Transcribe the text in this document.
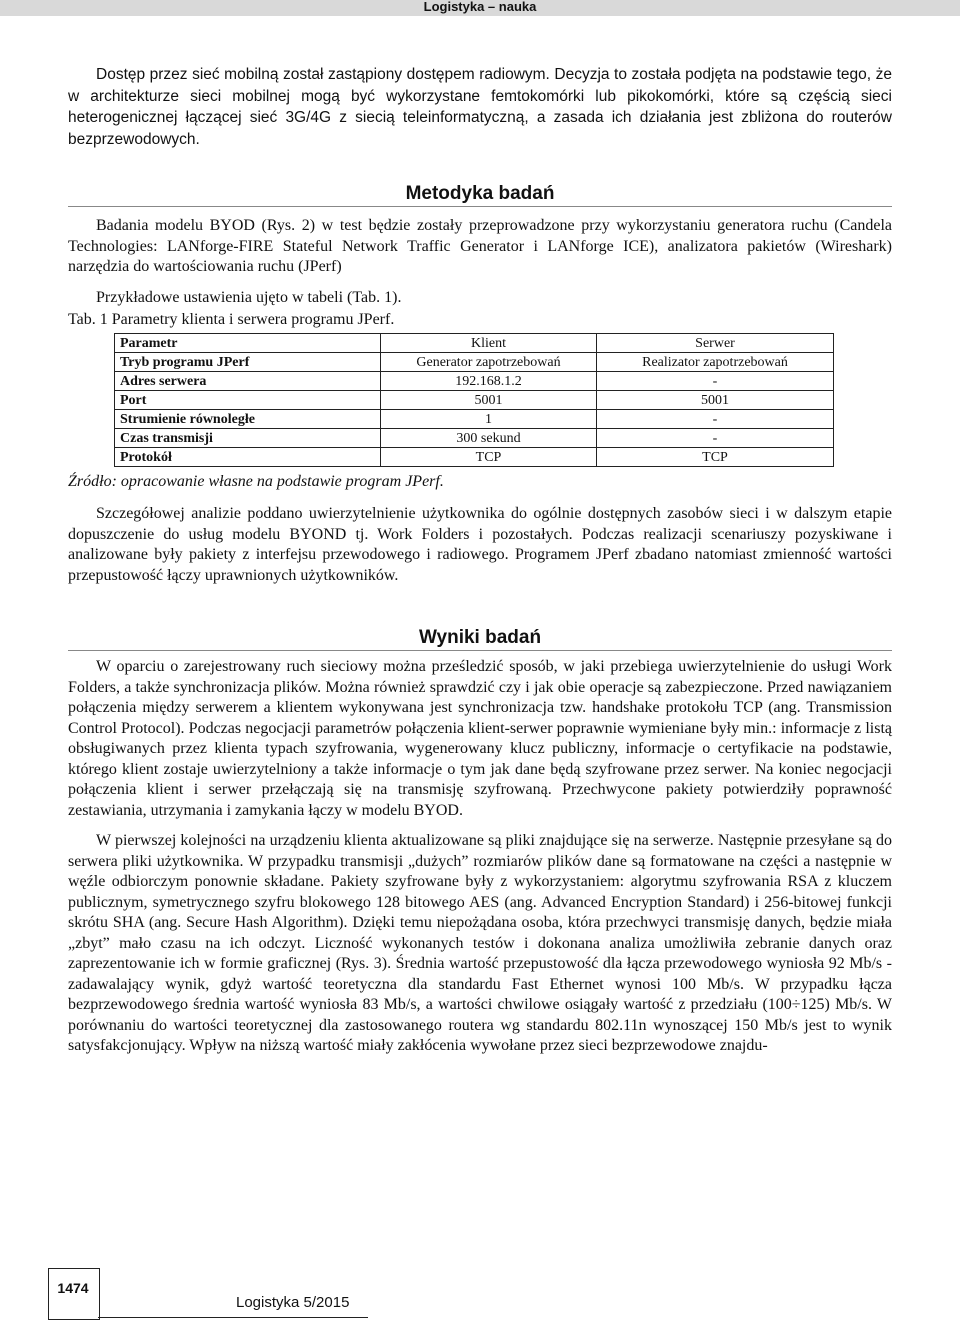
Logistyka – nauka

Dostęp przez sieć mobilną został zastąpiony dostępem radiowym. Decyzja to została podjęta na podstawie tego, że w architekturze sieci mobilnej mogą być wykorzystane femtokomórki lub pikokomórki, które są częścią sieci heterogenicznej łączącej sieć 3G/4G z siecią teleinformatyczną, a zasada ich działania jest zbliżona do routerów bezprzewodowych.

Metodyka badań

Badania modelu BYOD (Rys. 2) w test będzie zostały przeprowadzone przy wykorzystaniu generatora ruchu (Candela Technologies: LANforge-FIRE Stateful Network Traffic Generator i LANforge ICE), analizatora pakietów (Wireshark) narzędzia do wartościowania ruchu (JPerf)

Przykładowe ustawienia ujęto w tabeli (Tab. 1).

Tab. 1 Parametry klienta i serwera programu JPerf.

Parametr	Klient	Serwer
Tryb programu JPerf	Generator zapotrzebowań	Realizator zapotrzebowań
Adres serwera	192.168.1.2	-
Port	5001	5001
Strumienie równoległe	1	-
Czas transmisji	300 sekund	-
Protokół	TCP	TCP

Źródło: opracowanie własne na podstawie program JPerf.

Szczegółowej analizie poddano uwierzytelnienie użytkownika do ogólnie dostępnych zasobów sieci i w dalszym etapie dopuszczenie do usług modelu BYOND tj. Work Folders i pozostałych. Podczas realizacji scenariuszy pozyskiwane i analizowane były pakiety z interfejsu przewodowego i radiowego. Programem JPerf zbadano natomiast zmienność wartości przepustowość łączy uprawnionych użytkowników.

Wyniki badań

W oparciu o zarejestrowany ruch sieciowy można prześledzić sposób, w jaki przebiega uwierzytelnienie do usługi Work Folders, a także synchronizacja plików. Można również sprawdzić czy i jak obie operacje są zabezpieczone. Przed nawiązaniem połączenia między serwerem a klientem wykonywana jest synchronizacja tzw. handshake protokołu TCP (ang. Transmission Control Protocol). Podczas negocjacji parametrów połączenia klient-serwer poprawnie wymieniane były min.: informacje z listą obsługiwanych przez klienta typach szyfrowania, wygenerowany klucz publiczny, informacje o certyfikacie na podstawie, którego klient zostaje uwierzytelniony a także informacje o tym jak dane będą szyfrowane przez serwer. Na koniec negocjacji połączenia klient i serwer przełączają się na transmisję szyfrowaną. Przechwycone pakiety potwierdziły poprawność zestawiania, utrzymania i zamykania łączy w modelu BYOD.

W pierwszej kolejności na urządzeniu klienta aktualizowane są pliki znajdujące się na serwerze. Następnie przesyłane są do serwera pliki użytkownika. W przypadku transmisji „dużych” rozmiarów plików dane są formatowane na części a następnie w węźle odbiorczym ponownie składane. Pakiety szyfrowane były z wykorzystaniem: algorytmu szyfrowania RSA z kluczem publicznym, symetrycznego szyfru blokowego 128 bitowego AES (ang. Advanced Encryption Standard) i 256-bitowej funkcji skrótu SHA (ang. Secure Hash Algorithm). Dzięki temu niepożądana osoba, która przechwyci transmisję danych, będzie miała „zbyt” mało czasu na ich odczyt. Liczność wykonanych testów i dokonana analiza umożliwiła zebranie danych oraz zaprezentowanie ich w formie graficznej (Rys. 3). Średnia wartość przepustowość dla łącza przewodowego wyniosła 92 Mb/s - zadawalający wynik, gdyż wartość teoretyczna dla standardu Fast Ethernet wynosi 100 Mb/s. W przypadku łącza bezprzewodowego średnia wartość wyniosła 83 Mb/s, a wartości chwilowe osiągały wartość z przedziału (100÷125) Mb/s. W porównaniu do wartości teoretycznej dla zastosowanego routera wg standardu 802.11n wynoszącej 150 Mb/s jest to wynik satysfakcjonujący. Wpływ na niższą wartość miały zakłócenia wywołane przez sieci bezprzewodowe znajdu-

1474
Logistyka 5/2015
